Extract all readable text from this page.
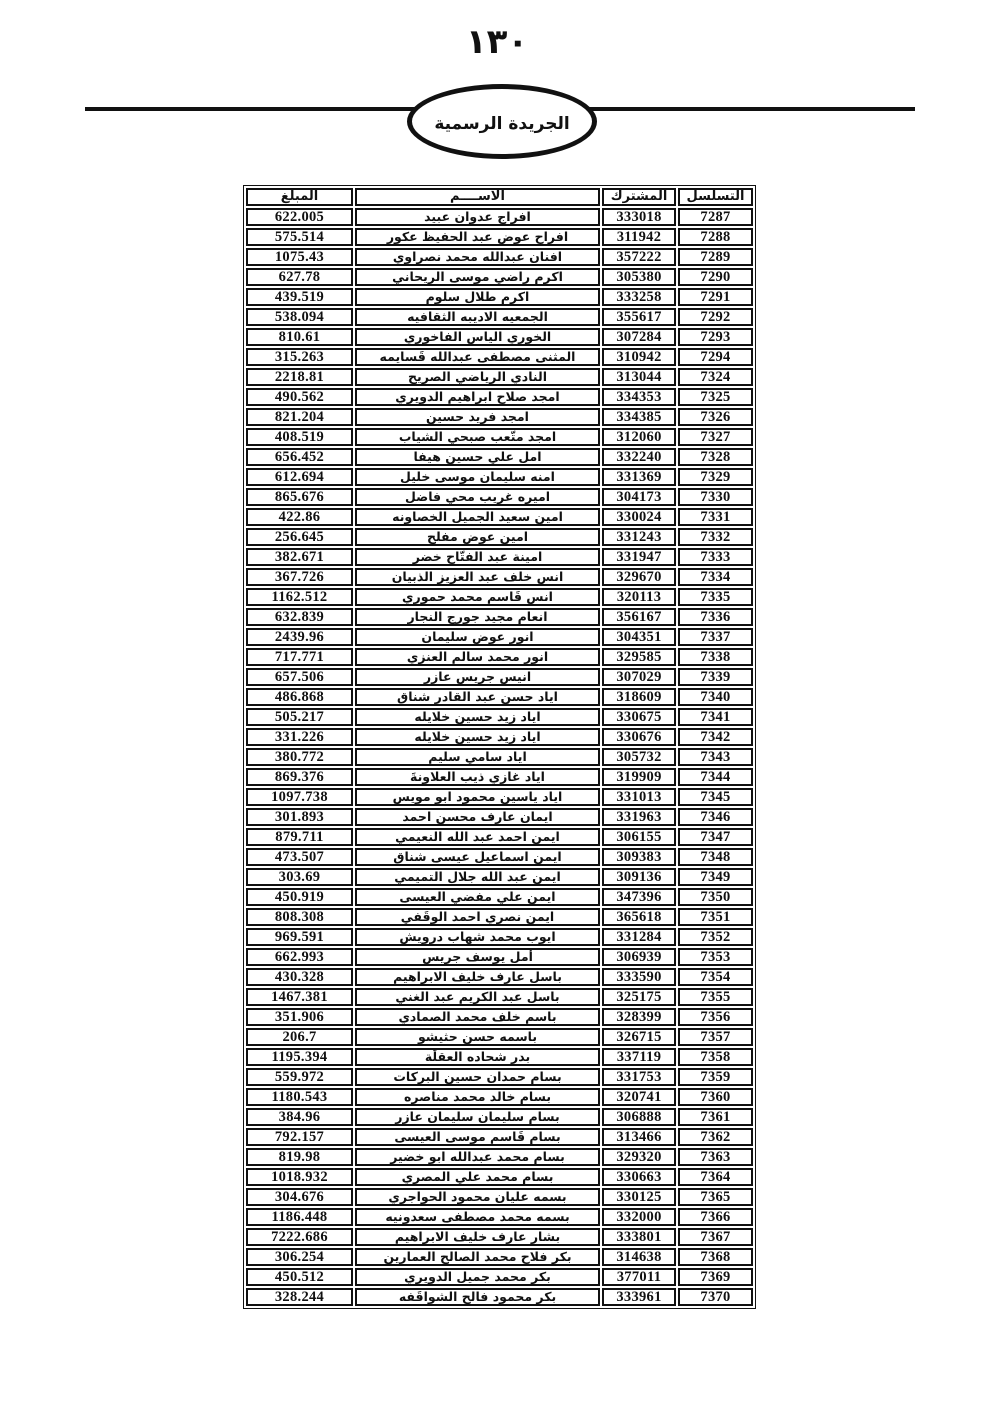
١٣٠
الجريدة الرسمية
التسلسل	المشترك	الاســــم	المبلغ
7287	333018	افراج عدوان عبيد	622.005
7288	311942	افراح عوض عبد الحفيظ عكور	575.514
7289	357222	افنان عبدالله محمد نصراوي	1075.43
7290	305380	اكرم راضي موسى الريحاني	627.78
7291	333258	اكرم طلال سلوم	439.519
7292	355617	الجمعيه الاديبه الثقافيه	538.094
7293	307284	الخوري الياس الفاخوري	810.61
7294	310942	المثنى مصطفى عبدالله قَسايمه	315.263
7324	313044	النادي الرياضي الصريح	2218.81
7325	334353	امجد صلاح ابراهيم الدويري	490.562
7326	334385	امجد فريد حسين	821.204
7327	312060	امجد متّعب صبحي الشياب	408.519
7328	332240	امل علي حسين هيفا	656.452
7329	331369	امنه سليمان موسى خليل	612.694
7330	304173	اميره غريب محي فاضل	865.676
7331	330024	امين سعيد الجميل الخصاونه	422.86
7332	331243	امين عوض مفلح	256.645
7333	331947	امينة عبد الفتّاح خضر	382.671
7334	329670	انس خلف عبد العزيز الذبيان	367.726
7335	320113	انس قَاسم محمد حموري	1162.512
7336	356167	انعام مجيد جورج النجار	632.839
7337	304351	انور عوض سليمان	2439.96
7338	329585	انور محمد سالم العنزي	717.771
7339	307029	انيس جريس عازر	657.506
7340	318609	اياد حسن عبد القادر شناق	486.868
7341	330675	اياد زيد حسين خلايله	505.217
7342	330676	اياد زيد حسين خلايله	331.226
7343	305732	اياد سامي سليم	380.772
7344	319909	اياد غازي ذيب العلاونةَ	869.376
7345	331013	اياد ياسين محمود ابو مويس	1097.738
7346	331963	ايمان عارف محسن احمد	301.893
7347	306155	ايمن احمد عبد الله النعيمي	879.711
7348	309383	ايمن اسماعيل عيسى شناق	473.507
7349	309136	ايمن عبد الله جلال التميمي	303.69
7350	347396	ايمن علي مفضي العيسى	450.919
7351	365618	ايمن نصري احمد الوقَفي	808.308
7352	331284	ايوب محمد شهاب درويش	969.591
7353	306939	أمل يوسف جريس	662.993
7354	333590	باسل عارف خليف الابراهيم	430.328
7355	325175	باسل عبد الكريم عبد الغني	1467.381
7356	328399	باسم خلف محمد الصمادي	351.906
7357	326715	باسمه حسن حثيشو	206.7
7358	337119	بدر شحاده العقلَة	1195.394
7359	331753	بسام حمدان حسين البركات	559.972
7360	320741	بسام خالد محمد مناصره	1180.543
7361	306888	بسام سليمان سليمان عازر	384.96
7362	313466	بسام قَاسم موسى العيسى	792.157
7363	329320	بسام محمد عبدالله ابو خضير	819.98
7364	330663	بسام محمد علي المصري	1018.932
7365	330125	بسمه عليان محمود الحواجري	304.676
7366	332000	بسمه محمد مصطفى سعدونيه	1186.448
7367	333801	بشار عارف خليف الابراهيم	7222.686
7368	314638	بكر فلاح محمد الصالح العمارين	306.254
7369	377011	بكر محمد جميل الدويري	450.512
7370	333961	بكر محمود فالح الشواقَفه	328.244
